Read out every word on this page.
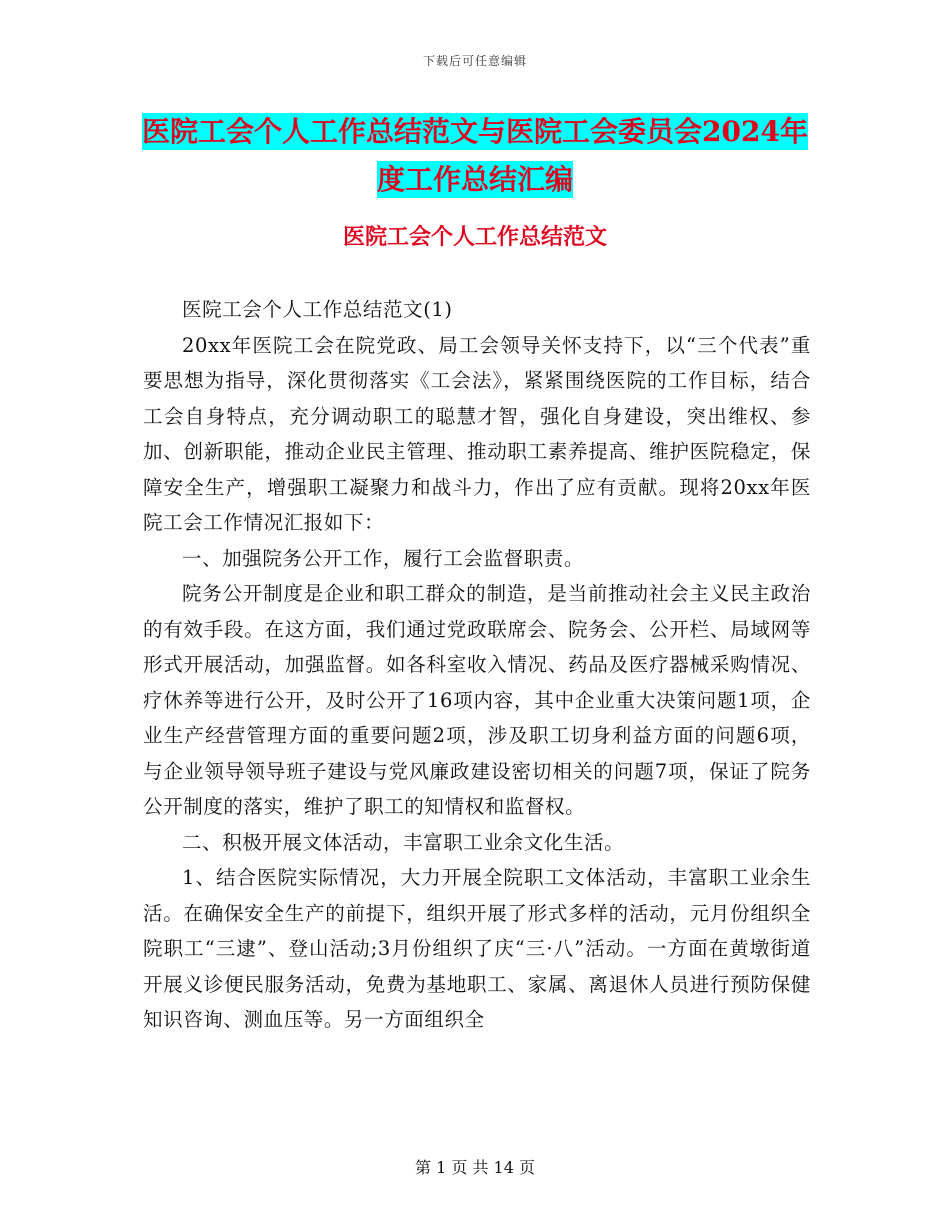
下载后可任意编辑
医院工会个人工作总结范文与医院工会委员会2024年
度工作总结汇编
医院工会个人工作总结范文

医院工会个人工作总结范文(1)

20xx年医院工会在院党政、局工会领导关怀支持下，以“三个代表”重要思想为指导，深化贯彻落实《工会法》，紧紧围绕医院的工作目标，结合工会自身特点，充分调动职工的聪慧才智，强化自身建设，突出维权、参加、创新职能，推动企业民主管理、推动职工素养提高、维护医院稳定，保障安全生产，增强职工凝聚力和战斗力，作出了应有贡献。现将20xx年医院工会工作情况汇报如下：

一、加强院务公开工作，履行工会监督职责。

院务公开制度是企业和职工群众的制造，是当前推动社会主义民主政治的有效手段。在这方面，我们通过党政联席会、院务会、公开栏、局域网等形式开展活动，加强监督。如各科室收入情况、药品及医疗器械采购情况、疗休养等进行公开，及时公开了16项内容，其中企业重大决策问题1项，企业生产经营管理方面的重要问题2项，涉及职工切身利益方面的问题6项，与企业领导领导班子建设与党风廉政建设密切相关的问题7项，保证了院务公开制度的落实，维护了职工的知情权和监督权。

二、积极开展文体活动，丰富职工业余文化生活。

1、结合医院实际情况，大力开展全院职工文体活动，丰富职工业余生活。在确保安全生产的前提下，组织开展了形式多样的活动，元月份组织全院职工“三逮”、登山活动;3月份组织了庆“三·八”活动。一方面在黄墩街道开展义诊便民服务活动，免费为基地职工、家属、离退休人员进行预防保健知识咨询、测血压等。另一方面组织全

第 1 页 共 14 页
